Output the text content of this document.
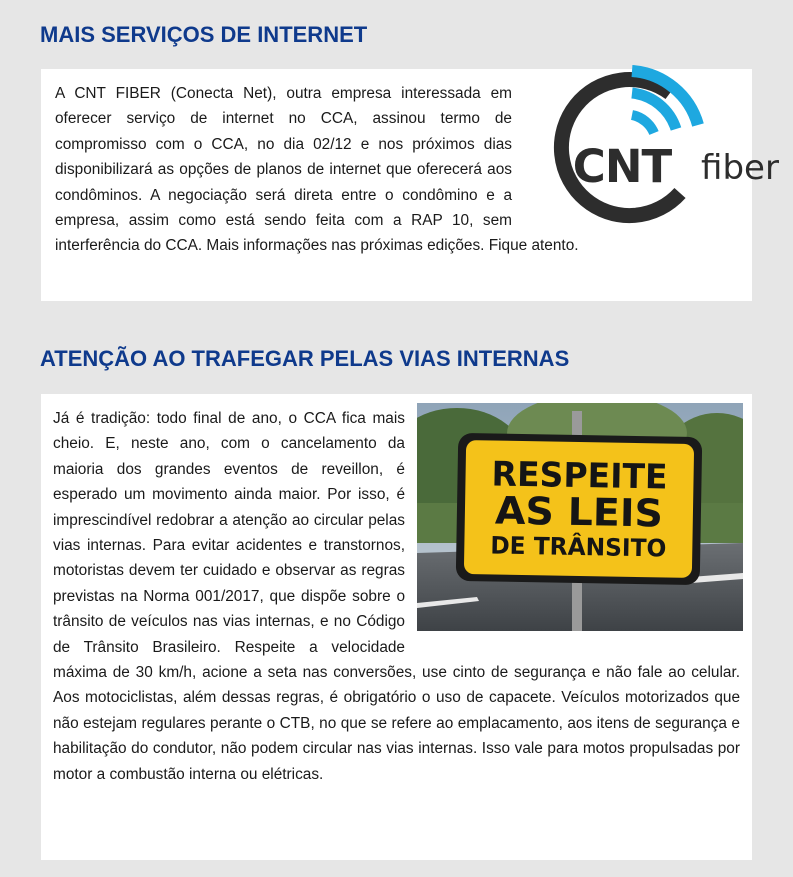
MAIS SERVIÇOS DE INTERNET
CNT fiber

A CNT FIBER (Conecta Net), outra empresa interessada em oferecer serviço de internet no CCA, assinou termo de compromisso com o CCA, no dia 02/12 e nos próximos dias disponibilizará as opções de planos de internet que oferecerá aos condôminos. A negociação será direta entre o condômino e a empresa, assim como está sendo feita com a RAP 10, sem interferência do CCA. Mais informações nas próximas edições. Fique atento.

ATENÇÃO AO TRAFEGAR PELAS VIAS INTERNAS
RESPEITE
AS LEIS
DE TRÂNSITO

Já é tradição: todo final de ano, o CCA fica mais cheio. E, neste ano, com o cancelamento da maioria dos grandes eventos de reveillon, é esperado um movimento ainda maior. Por isso, é imprescindível redobrar a atenção ao circular pelas vias internas. Para evitar acidentes e transtornos, motoristas devem ter cuidado e observar as regras previstas na Norma 001/2017, que dispõe sobre o trânsito de veículos nas vias internas, e no Código de Trânsito Brasileiro. Respeite a velocidade máxima de 30 km/h, acione a seta nas conversões, use cinto de segurança e não fale ao celular. Aos motociclistas, além dessas regras, é obrigatório o uso de capacete. Veículos motorizados que não estejam regulares perante o CTB, no que se refere ao emplacamento, aos itens de segurança e habilitação do condutor, não podem circular nas vias internas. Isso vale para motos propulsadas por motor a combustão interna ou elétricas.
